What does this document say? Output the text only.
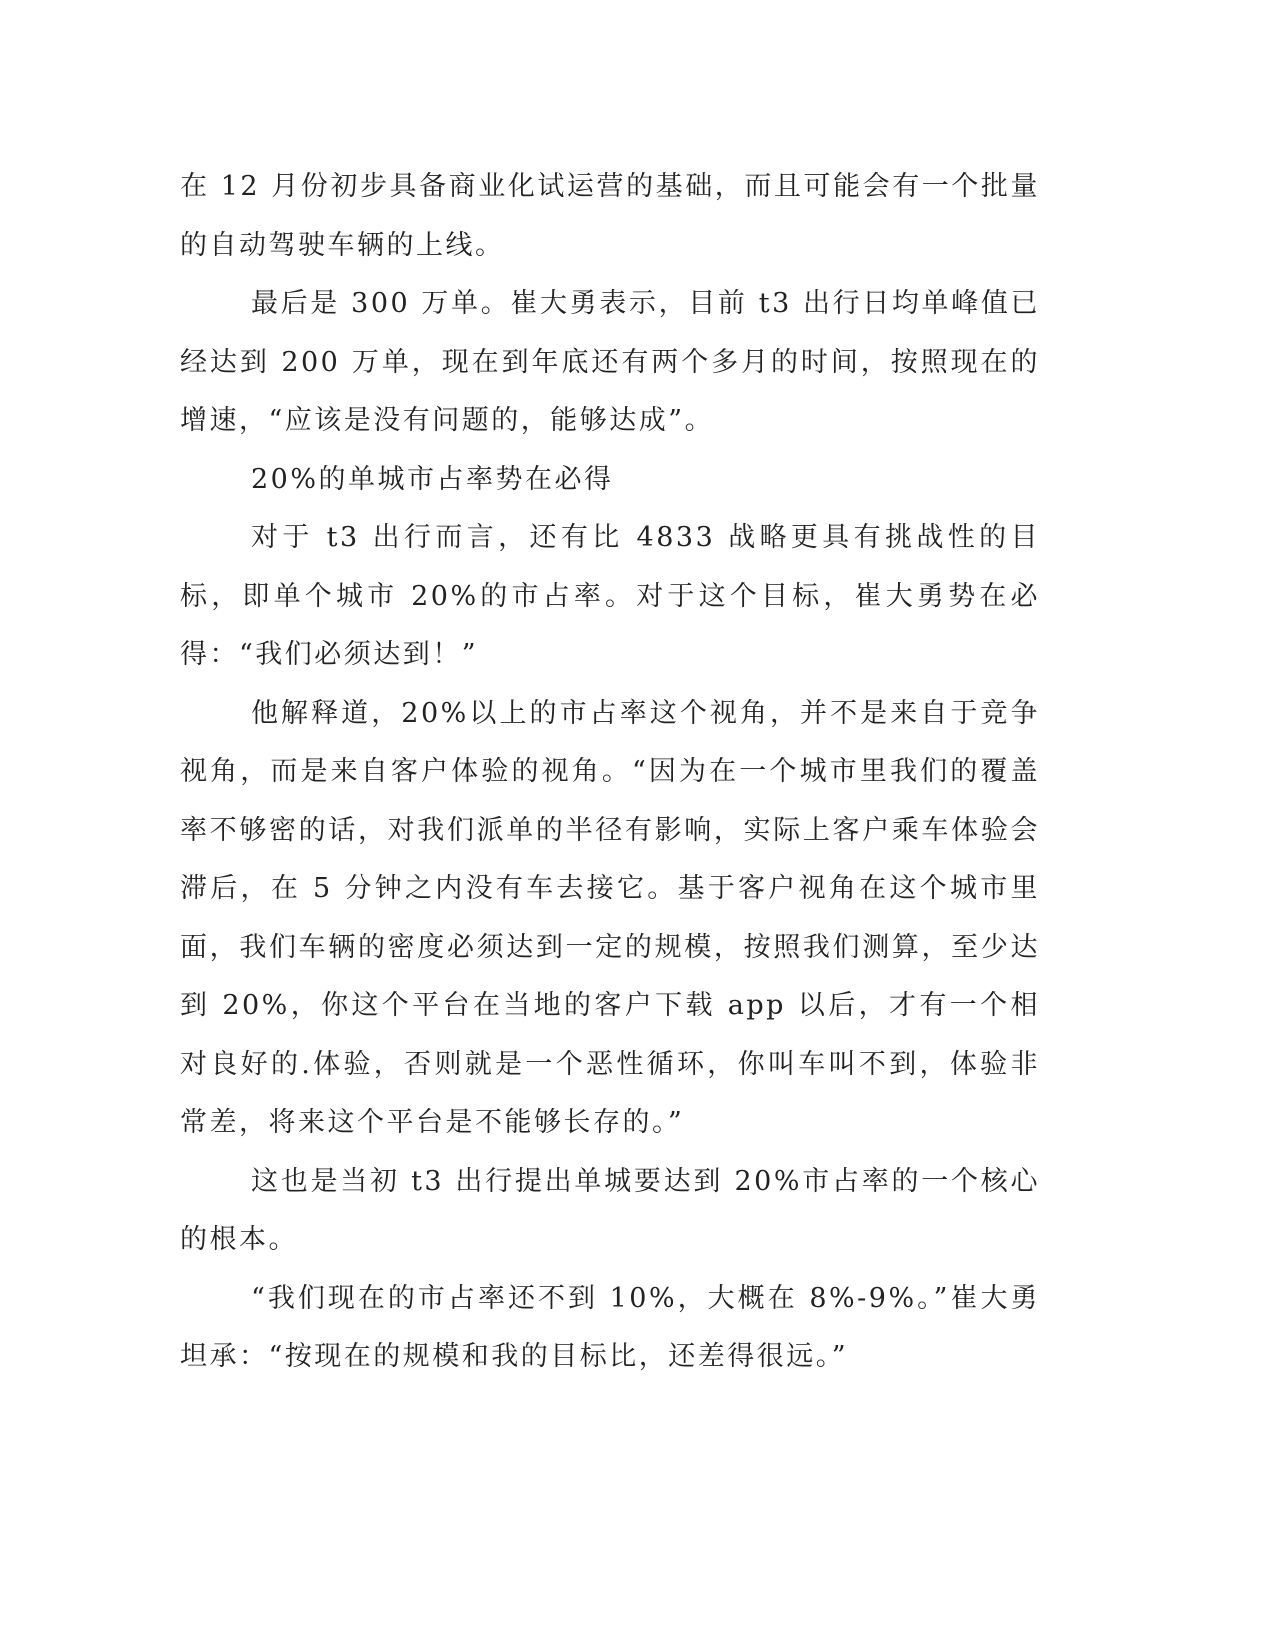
在 12 月份初步具备商业化试运营的基础，而且可能会有一个批量的自动驾驶车辆的上线。

最后是 300 万单。崔大勇表示，目前 t3 出行日均单峰值已经达到 200 万单，现在到年底还有两个多月的时间，按照现在的增速，“应该是没有问题的，能够达成”。

20%的单城市占率势在必得

对于 t3 出行而言，还有比 4833 战略更具有挑战性的目标，即单个城市 20%的市占率。对于这个目标，崔大勇势在必得：“我们必须达到！”

他解释道，20%以上的市占率这个视角，并不是来自于竞争视角，而是来自客户体验的视角。“因为在一个城市里我们的覆盖率不够密的话，对我们派单的半径有影响，实际上客户乘车体验会滞后，在 5 分钟之内没有车去接它。基于客户视角在这个城市里面，我们车辆的密度必须达到一定的规模，按照我们测算，至少达到 20%，你这个平台在当地的客户下载 app 以后，才有一个相对良好的.体验，否则就是一个恶性循环，你叫车叫不到，体验非常差，将来这个平台是不能够长存的。”

这也是当初 t3 出行提出单城要达到 20%市占率的一个核心的根本。

“我们现在的市占率还不到 10%，大概在 8%-9%。”崔大勇坦承：“按现在的规模和我的目标比，还差得很远。”
